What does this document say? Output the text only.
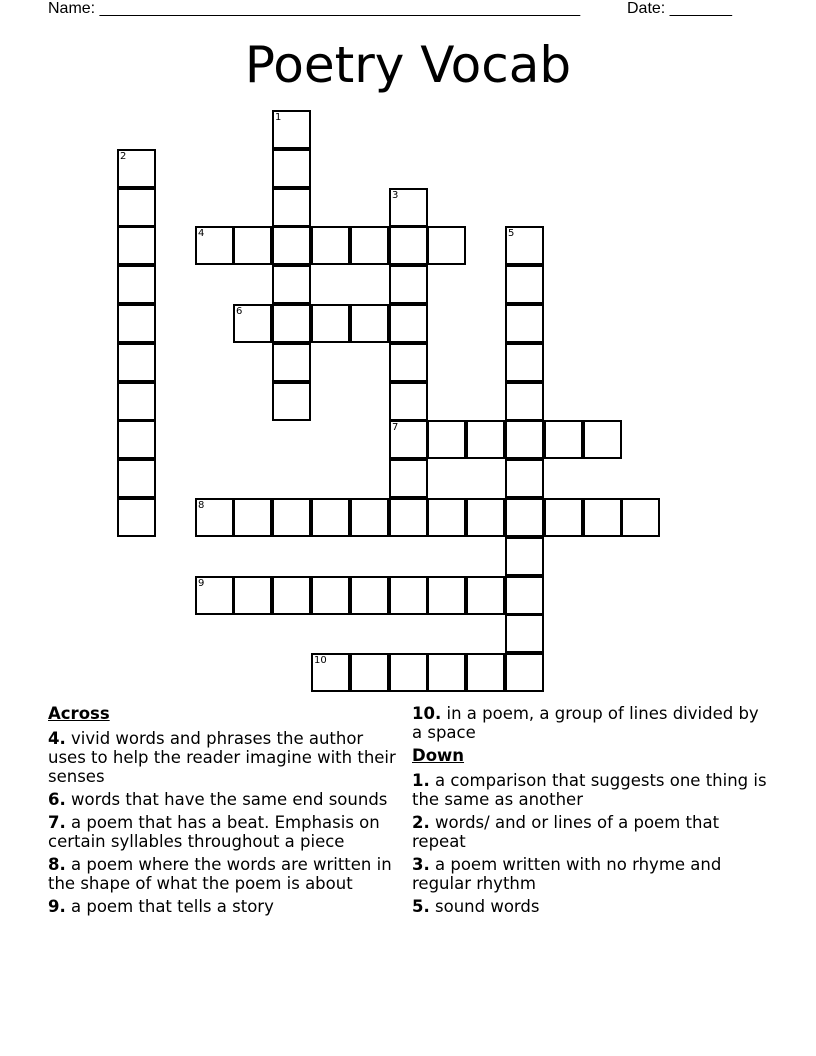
Name: ______________________________________________________	Date: _______
Poetry Vocab
1
2
3
7
4	5
6
8
9
10
Across
4. vivid words and phrases the author uses to help the reader imagine with their senses
6. words that have the same end sounds
7. a poem that has a beat. Emphasis on certain syllables throughout a piece
8. a poem where the words are written in the shape of what the poem is about
9. a poem that tells a story
10. in a poem, a group of lines divided by a space
Down
1. a comparison that suggests one thing is the same as another
2. words/ and or lines of a poem that repeat
3. a poem written with no rhyme and regular rhythm
5. sound words
